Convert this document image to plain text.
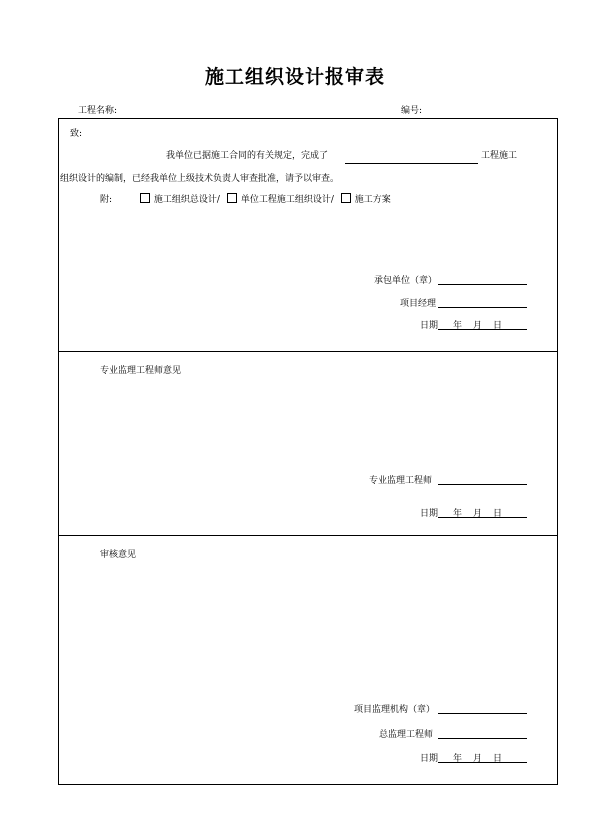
施工组织设计报审表
工程名称:	编号:
致:
我单位已据施工合同的有关规定，完成了	工程施工
组织设计的编制，已经我单位上级技术负责人审查批准，请予以审查。
附:	施工组织总设计/ 单位工程施工组织设计/ 施工方案
承包单位（章）
项目经理
日期 年 月 日
专业监理工程师意见
专业监理工程师
日期 年 月 日
审核意见
项目监理机构（章）
总监理工程师
日期 年 月 日
